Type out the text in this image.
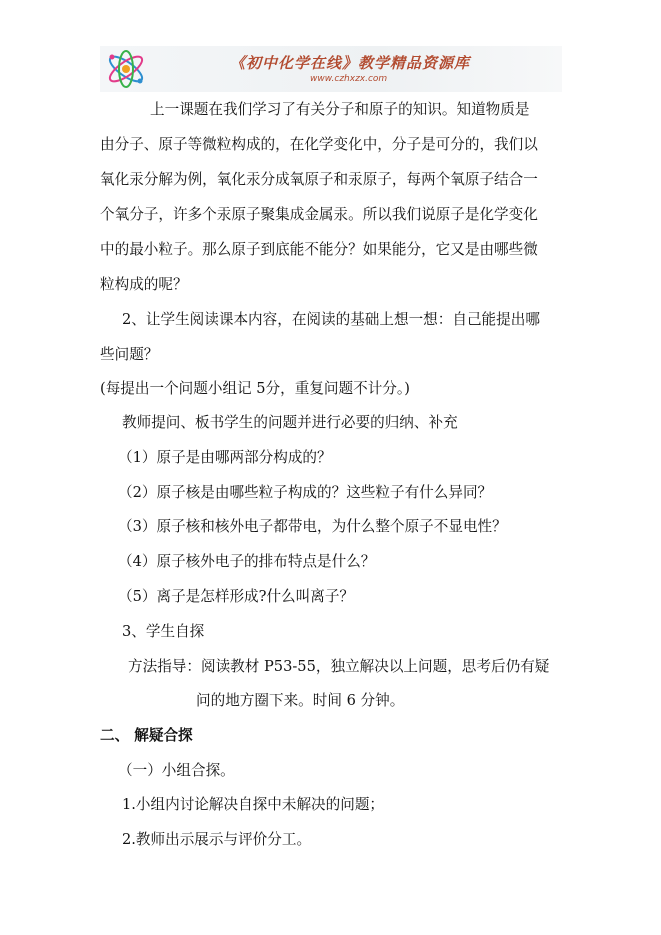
《初中化学在线》教学精品资源库
www.czhxzx.com
上一课题在我们学习了有关分子和原子的知识。知道物质是
由分子、原子等微粒构成的，在化学变化中，分子是可分的，我们以
氧化汞分解为例，氧化汞分成氧原子和汞原子，每两个氧原子结合一
个氧分子，许多个汞原子聚集成金属汞。所以我们说原子是化学变化
中的最小粒子。那么原子到底能不能分？如果能分，它又是由哪些微
粒构成的呢？
2、让学生阅读课本内容，在阅读的基础上想一想：自己能提出哪
些问题？
(每提出一个问题小组记 5分，重复问题不计分。)
教师提问、板书学生的问题并进行必要的归纳、补充
（1）原子是由哪两部分构成的？
（2）原子核是由哪些粒子构成的？这些粒子有什么异同？
（3）原子核和核外电子都带电，为什么整个原子不显电性？
（4）原子核外电子的排布特点是什么？
（5）离子是怎样形成?什么叫离子？
3、学生自探
方法指导：阅读教材 P53-55，独立解决以上问题，思考后仍有疑
问的地方圈下来。时间 6 分钟。
二、 解疑合探
（一）小组合探。
1.小组内讨论解决自探中未解决的问题；
2.教师出示展示与评价分工。
